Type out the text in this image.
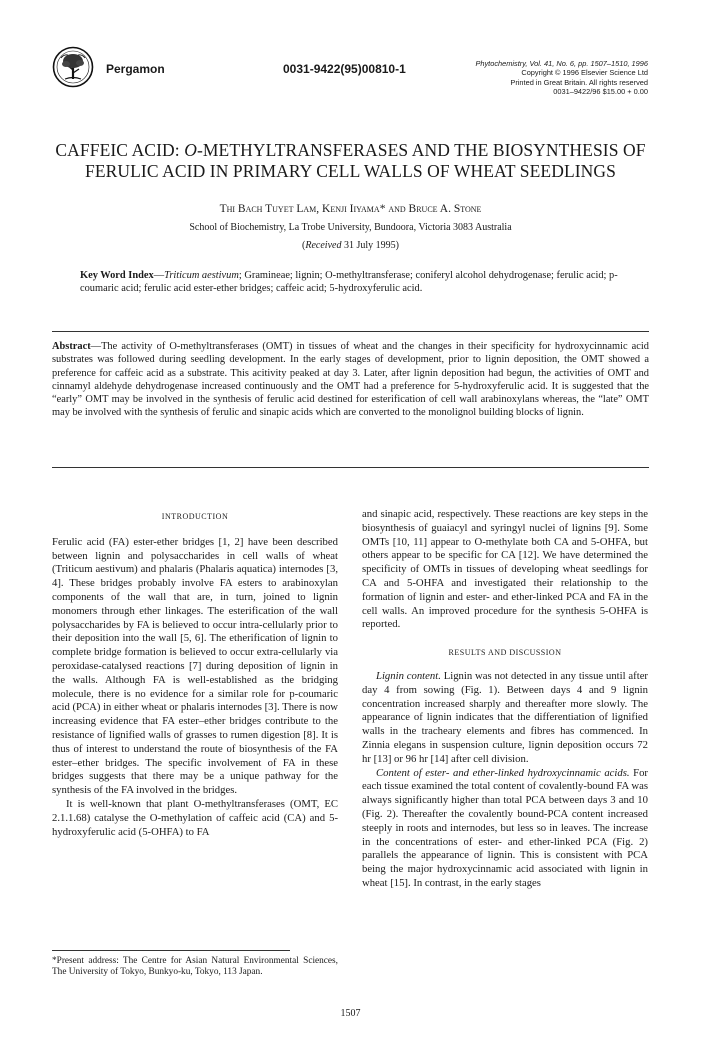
Pergamon	0031-9422(95)00810-1	Phytochemistry, Vol. 41, No. 6, pp. 1507–1510, 1996
Copyright © 1996 Elsevier Science Ltd
Printed in Great Britain. All rights reserved
0031–9422/96 $15.00 + 0.00
CAFFEIC ACID: O-METHYLTRANSFERASES AND THE BIOSYNTHESIS OF
FERULIC ACID IN PRIMARY CELL WALLS OF WHEAT SEEDLINGS
Thi Bach Tuyet Lam, Kenji Iiyama* and Bruce A. Stone
School of Biochemistry, La Trobe University, Bundoora, Victoria 3083 Australia
(Received 31 July 1995)
Key Word Index—Triticum aestivum; Gramineae; lignin; O-methyltransferase; coniferyl alcohol dehydrogenase; ferulic acid; p-coumaric acid; ferulic acid ester-ether bridges; caffeic acid; 5-hydroxyferulic acid.
Abstract—The activity of O-methyltransferases (OMT) in tissues of wheat and the changes in their specificity for hydroxycinnamic acid substrates was followed during seedling development. In the early stages of development, prior to lignin deposition, the OMT showed a preference for caffeic acid as a substrate. This acitivity peaked at day 3. Later, after lignin deposition had begun, the activities of OMT and cinnamyl aldehyde dehydrogenase increased continuously and the OMT had a preference for 5-hydroxyferulic acid. It is suggested that the “early” OMT may be involved in the synthesis of ferulic acid destined for esterification of cell wall arabinoxylans whereas, the “late” OMT may be involved with the synthesis of ferulic and sinapic acids which are converted to the monolignol building blocks of lignin.
INTRODUCTION

Ferulic acid (FA) ester-ether bridges [1, 2] have been described between lignin and polysaccharides in cell walls of wheat (Triticum aestivum) and phalaris (Phalaris aquatica) internodes [3, 4]. These bridges probably involve FA esters to arabinoxylan components of the wall that are, in turn, joined to lignin monomers through ether linkages. The esterification of the wall polysaccharides by FA is believed to occur intra-cellularly prior to their deposition into the wall [5, 6]. The etherification of lignin to complete bridge formation is believed to occur extra-cellularly via peroxidase-catalysed reactions [7] during deposition of lignin in the walls. Although FA is well-established as the bridging molecule, there is no evidence for a similar role for p-coumaric acid (PCA) in either wheat or phalaris internodes [3]. There is now increasing evidence that FA ester–ether bridges contribute to the resistance of lignified walls of grasses to rumen digestion [8]. It is thus of interest to understand the route of biosynthesis of the FA ester–ether bridges. The specific involvement of FA in these bridges suggests that there may be a unique pathway for the synthesis of the FA involved in the bridges.

It is well-known that plant O-methyltransferases (OMT, EC 2.1.1.68) catalyse the O-methylation of caffeic acid (CA) and 5-hydroxyferulic acid (5-OHFA) to FA

and sinapic acid, respectively. These reactions are key steps in the biosynthesis of guaiacyl and syringyl nuclei of lignins [9]. Some OMTs [10, 11] appear to O-methylate both CA and 5-OHFA, but others appear to be specific for CA [12]. We have determined the specificity of OMTs in tissues of developing wheat seedlings for CA and 5-OHFA and investigated their relationship to the formation of lignin and ester- and ether-linked PCA and FA in the cell walls. An improved procedure for the synthesis 5-OHFA is reported.

RESULTS AND DISCUSSION

Lignin content. Lignin was not detected in any tissue until after day 4 from sowing (Fig. 1). Between days 4 and 9 lignin concentration increased sharply and thereafter more slowly. The appearance of lignin indicates that the differentiation of lignified walls in the tracheary elements and fibres has commenced. In Zinnia elegans in suspension culture, lignin deposition occurs 72 hr [13] or 96 hr [14] after cell division.

Content of ester- and ether-linked hydroxycinnamic acids. For each tissue examined the total content of covalently-bound FA was always significantly higher than total PCA between days 3 and 10 (Fig. 2). Thereafter the covalently bound-PCA content increased steeply in roots and internodes, but less so in leaves. The increase in the concentrations of ester- and ether-linked PCA (Fig. 2) parallels the appearance of lignin. This is consistent with PCA being the major hydroxycinnamic acid associated with lignin in wheat [15]. In contrast, in the early stages

*Present address: The Centre for Asian Natural Environmental Sciences, The University of Tokyo, Bunkyo-ku, Tokyo, 113 Japan.
1507
